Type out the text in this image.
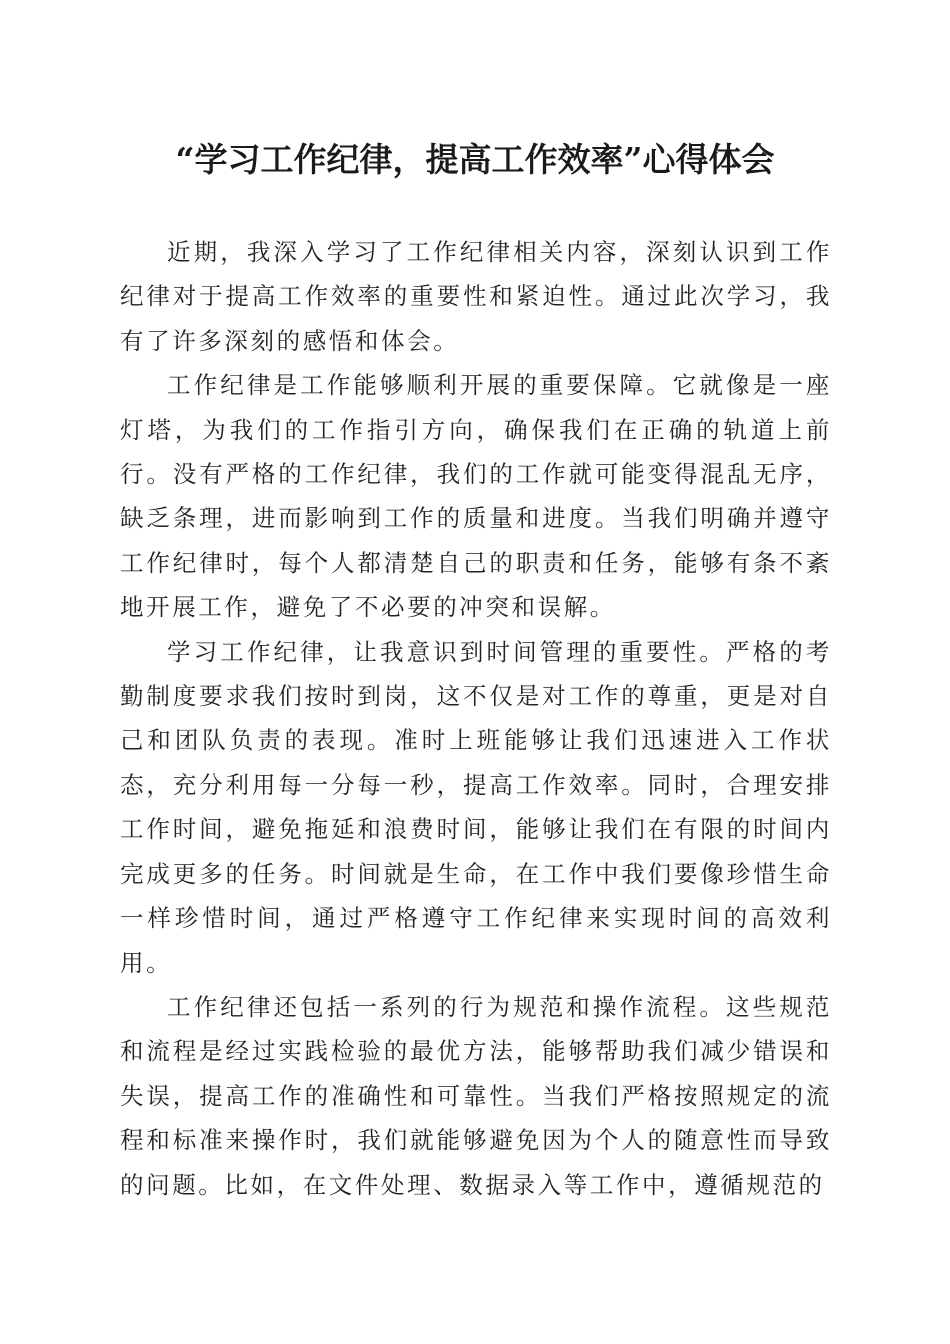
“学习工作纪律，提高工作效率”心得体会

近期，我深入学习了工作纪律相关内容，深刻认识到工作纪律对于提高工作效率的重要性和紧迫性。通过此次学习，我有了许多深刻的感悟和体会。

工作纪律是工作能够顺利开展的重要保障。它就像是一座灯塔，为我们的工作指引方向，确保我们在正确的轨道上前行。没有严格的工作纪律，我们的工作就可能变得混乱无序，缺乏条理，进而影响到工作的质量和进度。当我们明确并遵守工作纪律时，每个人都清楚自己的职责和任务，能够有条不紊地开展工作，避免了不必要的冲突和误解。

学习工作纪律，让我意识到时间管理的重要性。严格的考勤制度要求我们按时到岗，这不仅是对工作的尊重，更是对自己和团队负责的表现。准时上班能够让我们迅速进入工作状态，充分利用每一分每一秒，提高工作效率。同时，合理安排工作时间，避免拖延和浪费时间，能够让我们在有限的时间内完成更多的任务。时间就是生命，在工作中我们要像珍惜生命一样珍惜时间，通过严格遵守工作纪律来实现时间的高效利用。

工作纪律还包括一系列的行为规范和操作流程。这些规范和流程是经过实践检验的最优方法，能够帮助我们减少错误和失误，提高工作的准确性和可靠性。当我们严格按照规定的流程和标准来操作时，我们就能够避免因为个人的随意性而导致的问题。比如，在文件处理、数据录入等工作中，遵循规范的
